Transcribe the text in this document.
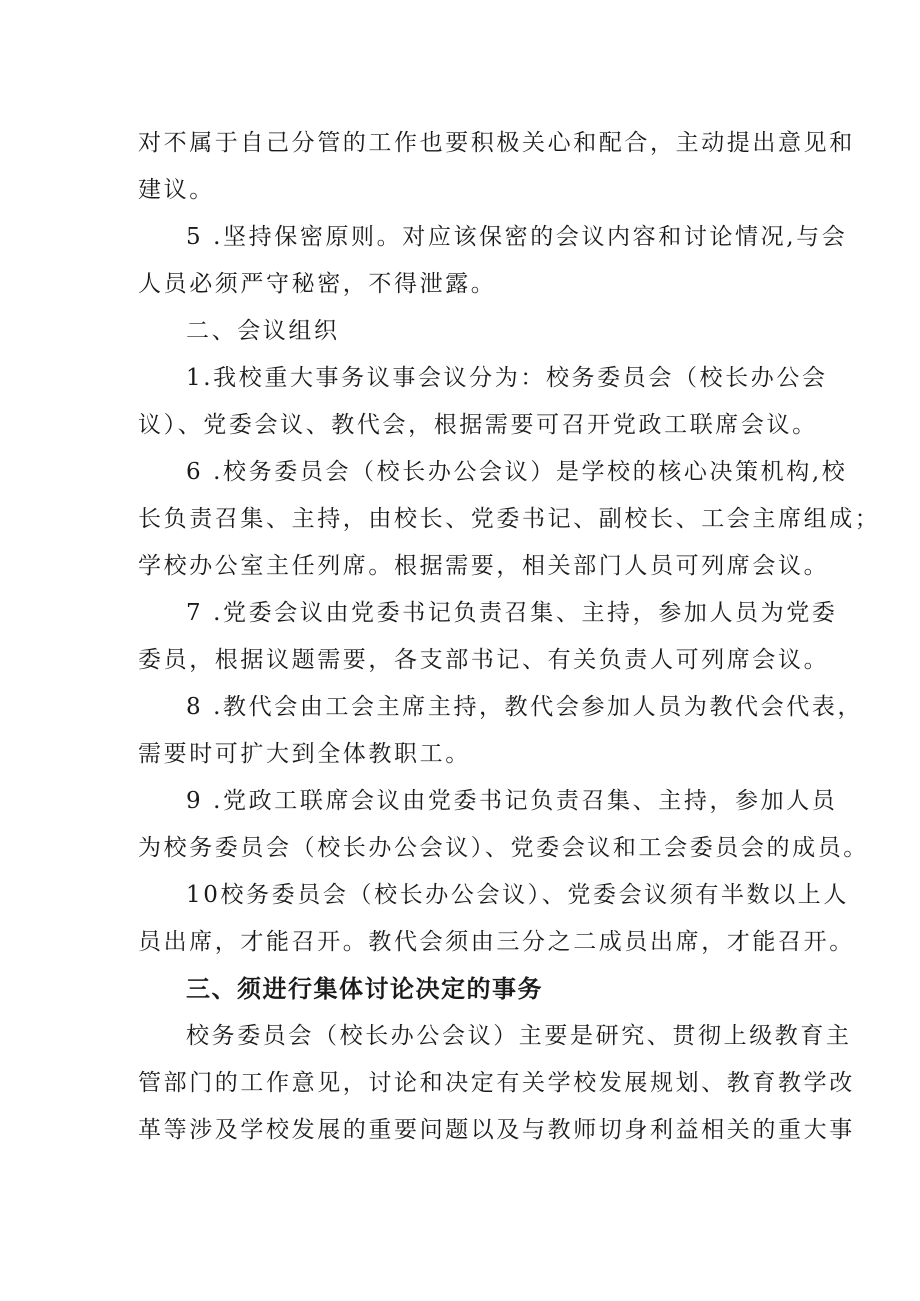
对不属于自己分管的工作也要积极关心和配合，主动提出意见和
建议。
5 .坚持保密原则。对应该保密的会议内容和讨论情况,与会
人员必须严守秘密，不得泄露。
二、会议组织
1.我校重大事务议事会议分为：校务委员会（校长办公会
议）、党委会议、教代会，根据需要可召开党政工联席会议。
6 .校务委员会（校长办公会议）是学校的核心决策机构,校
长负责召集、主持，由校长、党委书记、副校长、工会主席组成；
学校办公室主任列席。根据需要，相关部门人员可列席会议。
7 .党委会议由党委书记负责召集、主持，参加人员为党委
委员，根据议题需要，各支部书记、有关负责人可列席会议。
8 .教代会由工会主席主持，教代会参加人员为教代会代表，
需要时可扩大到全体教职工。
9 .党政工联席会议由党委书记负责召集、主持，参加人员
为校务委员会（校长办公会议）、党委会议和工会委员会的成员。
10校务委员会（校长办公会议）、党委会议须有半数以上人
员出席，才能召开。教代会须由三分之二成员出席，才能召开。
三、须进行集体讨论决定的事务
校务委员会（校长办公会议）主要是研究、贯彻上级教育主
管部门的工作意见，讨论和决定有关学校发展规划、教育教学改
革等涉及学校发展的重要问题以及与教师切身利益相关的重大事
